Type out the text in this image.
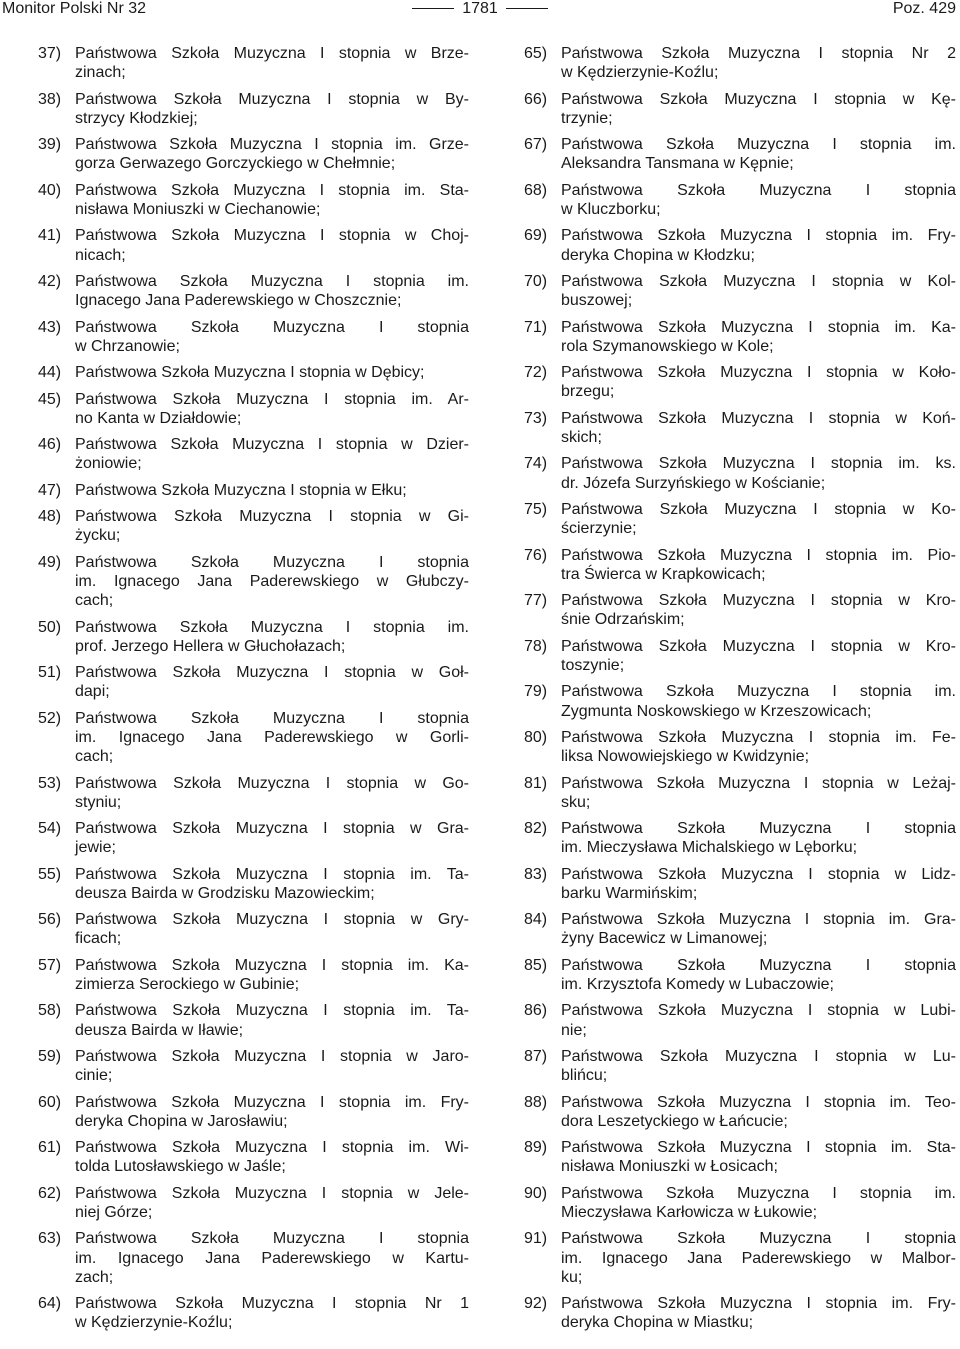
Monitor Polski Nr 32	1781	Poz. 429
37) Państwowa Szkoła Muzyczna I stopnia w Brze-
zinach;
38) Państwowa Szkoła Muzyczna I stopnia w By-
strzycy Kłodzkiej;
39) Państwowa Szkoła Muzyczna I stopnia im. Grze-
gorza Gerwazego Gorczyckiego w Chełmnie;
40) Państwowa Szkoła Muzyczna I stopnia im. Sta-
nisława Moniuszki w Ciechanowie;
41) Państwowa Szkoła Muzyczna I stopnia w Choj-
nicach;
42) Państwowa Szkoła Muzyczna I stopnia im.
Ignacego Jana Paderewskiego w Choszcznie;
43) Państwowa Szkoła Muzyczna I stopnia
w Chrzanowie;
44) Państwowa Szkoła Muzyczna I stopnia w Dębicy;
45) Państwowa Szkoła Muzyczna I stopnia im. Ar-
no Kanta w Działdowie;
46) Państwowa Szkoła Muzyczna I stopnia w Dzier-
żoniowie;
47) Państwowa Szkoła Muzyczna I stopnia w Ełku;
48) Państwowa Szkoła Muzyczna I stopnia w Gi-
życku;
49) Państwowa Szkoła Muzyczna I stopnia
im. Ignacego Jana Paderewskiego w Głubczy-
cach;
50) Państwowa Szkoła Muzyczna I stopnia im.
prof. Jerzego Hellera w Głuchołazach;
51) Państwowa Szkoła Muzyczna I stopnia w Goł-
dapi;
52) Państwowa Szkoła Muzyczna I stopnia
im. Ignacego Jana Paderewskiego w Gorli-
cach;
53) Państwowa Szkoła Muzyczna I stopnia w Go-
styniu;
54) Państwowa Szkoła Muzyczna I stopnia w Gra-
jewie;
55) Państwowa Szkoła Muzyczna I stopnia im. Ta-
deusza Bairda w Grodzisku Mazowieckim;
56) Państwowa Szkoła Muzyczna I stopnia w Gry-
ficach;
57) Państwowa Szkoła Muzyczna I stopnia im. Ka-
zimierza Serockiego w Gubinie;
58) Państwowa Szkoła Muzyczna I stopnia im. Ta-
deusza Bairda w Iławie;
59) Państwowa Szkoła Muzyczna I stopnia w Jaro-
cinie;
60) Państwowa Szkoła Muzyczna I stopnia im. Fry-
deryka Chopina w Jarosławiu;
61) Państwowa Szkoła Muzyczna I stopnia im. Wi-
tolda Lutosławskiego w Jaśle;
62) Państwowa Szkoła Muzyczna I stopnia w Jele-
niej Górze;
63) Państwowa Szkoła Muzyczna I stopnia
im. Ignacego Jana Paderewskiego w Kartu-
zach;
64) Państwowa Szkoła Muzyczna I stopnia Nr 1
w Kędzierzynie-Koźlu;
65) Państwowa Szkoła Muzyczna I stopnia Nr 2
w Kędzierzynie-Koźlu;
66) Państwowa Szkoła Muzyczna I stopnia w Kę-
trzynie;
67) Państwowa Szkoła Muzyczna I stopnia im.
Aleksandra Tansmana w Kępnie;
68) Państwowa Szkoła Muzyczna I stopnia
w Kluczborku;
69) Państwowa Szkoła Muzyczna I stopnia im. Fry-
deryka Chopina w Kłodzku;
70) Państwowa Szkoła Muzyczna I stopnia w Kol-
buszowej;
71) Państwowa Szkoła Muzyczna I stopnia im. Ka-
rola Szymanowskiego w Kole;
72) Państwowa Szkoła Muzyczna I stopnia w Koło-
brzegu;
73) Państwowa Szkoła Muzyczna I stopnia w Koń-
skich;
74) Państwowa Szkoła Muzyczna I stopnia im. ks.
dr. Józefa Surzyńskiego w Kościanie;
75) Państwowa Szkoła Muzyczna I stopnia w Ko-
ścierzynie;
76) Państwowa Szkoła Muzyczna I stopnia im. Pio-
tra Świerca w Krapkowicach;
77) Państwowa Szkoła Muzyczna I stopnia w Kro-
śnie Odrzańskim;
78) Państwowa Szkoła Muzyczna I stopnia w Kro-
toszynie;
79) Państwowa Szkoła Muzyczna I stopnia im.
Zygmunta Noskowskiego w Krzeszowicach;
80) Państwowa Szkoła Muzyczna I stopnia im. Fe-
liksa Nowowiejskiego w Kwidzynie;
81) Państwowa Szkoła Muzyczna I stopnia w Leżaj-
sku;
82) Państwowa Szkoła Muzyczna I stopnia
im. Mieczysława Michalskiego w Lęborku;
83) Państwowa Szkoła Muzyczna I stopnia w Lidz-
barku Warmińskim;
84) Państwowa Szkoła Muzyczna I stopnia im. Gra-
żyny Bacewicz w Limanowej;
85) Państwowa Szkoła Muzyczna I stopnia
im. Krzysztofa Komedy w Lubaczowie;
86) Państwowa Szkoła Muzyczna I stopnia w Lubi-
nie;
87) Państwowa Szkoła Muzyczna I stopnia w Lu-
blińcu;
88) Państwowa Szkoła Muzyczna I stopnia im. Teo-
dora Leszetyckiego w Łańcucie;
89) Państwowa Szkoła Muzyczna I stopnia im. Sta-
nisława Moniuszki w Łosicach;
90) Państwowa Szkoła Muzyczna I stopnia im.
Mieczysława Karłowicza w Łukowie;
91) Państwowa Szkoła Muzyczna I stopnia
im. Ignacego Jana Paderewskiego w Malbor-
ku;
92) Państwowa Szkoła Muzyczna I stopnia im. Fry-
deryka Chopina w Miastku;
